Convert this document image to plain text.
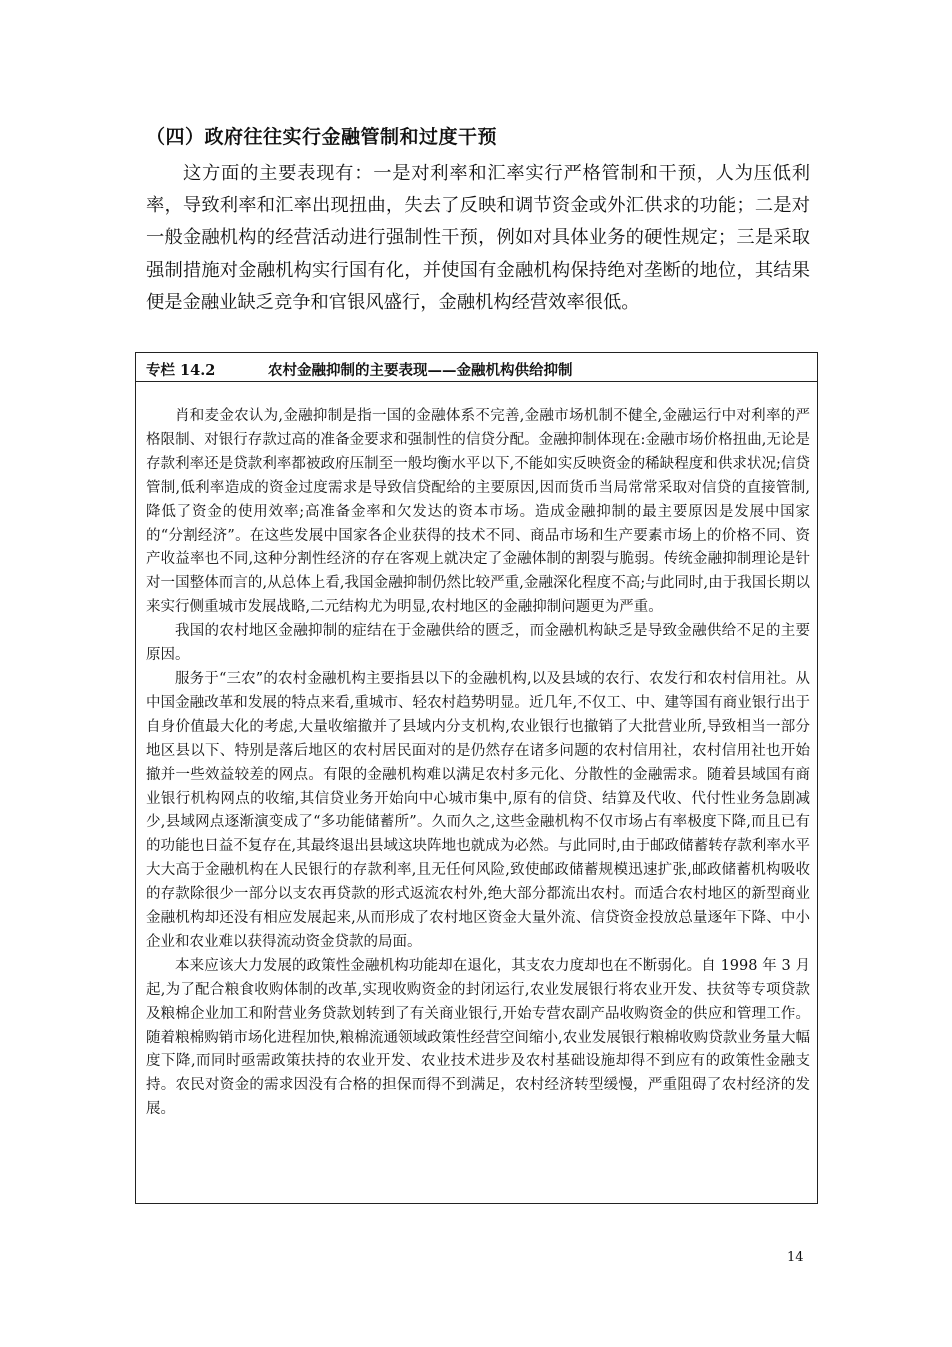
（四）政府往往实行金融管制和过度干预
这方面的主要表现有：一是对利率和汇率实行严格管制和干预，人为压低利率，导致利率和汇率出现扭曲，失去了反映和调节资金或外汇供求的功能；二是对一般金融机构的经营活动进行强制性干预，例如对具体业务的硬性规定；三是采取强制措施对金融机构实行国有化，并使国有金融机构保持绝对垄断的地位，其结果便是金融业缺乏竞争和官银风盛行，金融机构经营效率很低。
专栏 14.2	农村金融抑制的主要表现——金融机构供给抑制

肖和麦金农认为,金融抑制是指一国的金融体系不完善,金融市场机制不健全,金融运行中对利率的严格限制、对银行存款过高的准备金要求和强制性的信贷分配。金融抑制体现在:金融市场价格扭曲,无论是存款利率还是贷款利率都被政府压制至一般均衡水平以下,不能如实反映资金的稀缺程度和供求状况;信贷管制,低利率造成的资金过度需求是导致信贷配给的主要原因,因而货币当局常常采取对信贷的直接管制,降低了资金的使用效率;高准备金率和欠发达的资本市场。造成金融抑制的最主要原因是发展中国家的“分割经济”。在这些发展中国家各企业获得的技术不同、商品市场和生产要素市场上的价格不同、资产收益率也不同,这种分割性经济的存在客观上就决定了金融体制的割裂与脆弱。传统金融抑制理论是针对一国整体而言的,从总体上看,我国金融抑制仍然比较严重,金融深化程度不高;与此同时,由于我国长期以来实行侧重城市发展战略,二元结构尤为明显,农村地区的金融抑制问题更为严重。

我国的农村地区金融抑制的症结在于金融供给的匮乏，而金融机构缺乏是导致金融供给不足的主要原因。

服务于“三农”的农村金融机构主要指县以下的金融机构,以及县域的农行、农发行和农村信用社。从中国金融改革和发展的特点来看,重城市、轻农村趋势明显。近几年,不仅工、中、建等国有商业银行出于自身价值最大化的考虑,大量收缩撤并了县域内分支机构,农业银行也撤销了大批营业所,导致相当一部分地区县以下、特别是落后地区的农村居民面对的是仍然存在诸多问题的农村信用社，农村信用社也开始撤并一些效益较差的网点。有限的金融机构难以满足农村多元化、分散性的金融需求。随着县域国有商业银行机构网点的收缩,其信贷业务开始向中心城市集中,原有的信贷、结算及代收、代付性业务急剧减少,县域网点逐渐演变成了“多功能储蓄所”。久而久之,这些金融机构不仅市场占有率极度下降,而且已有的功能也日益不复存在,其最终退出县域这块阵地也就成为必然。与此同时,由于邮政储蓄转存款利率水平大大高于金融机构在人民银行的存款利率,且无任何风险,致使邮政储蓄规模迅速扩张,邮政储蓄机构吸收的存款除很少一部分以支农再贷款的形式返流农村外,绝大部分都流出农村。而适合农村地区的新型商业金融机构却还没有相应发展起来,从而形成了农村地区资金大量外流、信贷资金投放总量逐年下降、中小企业和农业难以获得流动资金贷款的局面。

本来应该大力发展的政策性金融机构功能却在退化，其支农力度却也在不断弱化。自 1998 年 3 月起,为了配合粮食收购体制的改革,实现收购资金的封闭运行,农业发展银行将农业开发、扶贫等专项贷款及粮棉企业加工和附营业务贷款划转到了有关商业银行,开始专营农副产品收购资金的供应和管理工作。随着粮棉购销市场化进程加快,粮棉流通领域政策性经营空间缩小,农业发展银行粮棉收购贷款业务量大幅度下降,而同时亟需政策扶持的农业开发、农业技术进步及农村基础设施却得不到应有的政策性金融支持。农民对资金的需求因没有合格的担保而得不到满足，农村经济转型缓慢，严重阻碍了农村经济的发展。

14
